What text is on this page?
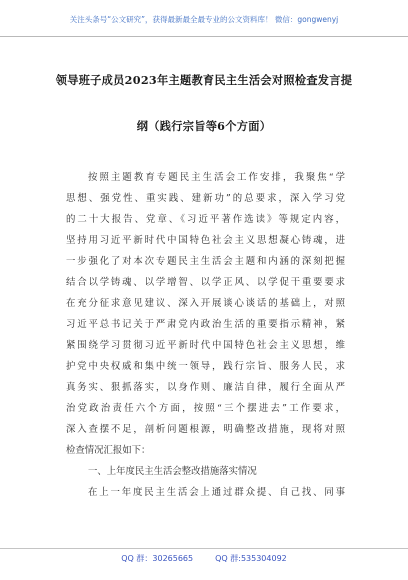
关注头条号“公文研究”，获得最新最全最专业的公文资料库！ 微信：gongwenyj
领导班子成员2023年主题教育民主生活会对照检查发言提
纲（践行宗旨等6个方面）
按照主题教育专题民主生活会工作安排，我聚焦“学
思想、强党性、重实践、建新功”的总要求，深入学习党
的二十大报告、党章、《习近平著作选读》等规定内容，
坚持用习近平新时代中国特色社会主义思想凝心铸魂，进
一步强化了对本次专题民主生活会主题和内涵的深刻把握
结合以学铸魂、以学增智、以学正风、以学促干重要要求
在充分征求意见建议、深入开展谈心谈话的基础上，对照
习近平总书记关于严肃党内政治生活的重要指示精神，紧
紧围绕学习贯彻习近平新时代中国特色社会主义思想，维
护党中央权威和集中统一领导，践行宗旨、服务人民，求
真务实、狠抓落实，以身作则、廉洁自律，履行全面从严
治党政治责任六个方面，按照“三个摆进去”工作要求，
深入查摆不足，剖析问题根源，明确整改措施，现将对照
检查情况汇报如下：
一、上年度民主生活会整改措施落实情况
在上一年度民主生活会上通过群众提、自己找、同事
QQ 群：30265665	QQ 群:535304092
